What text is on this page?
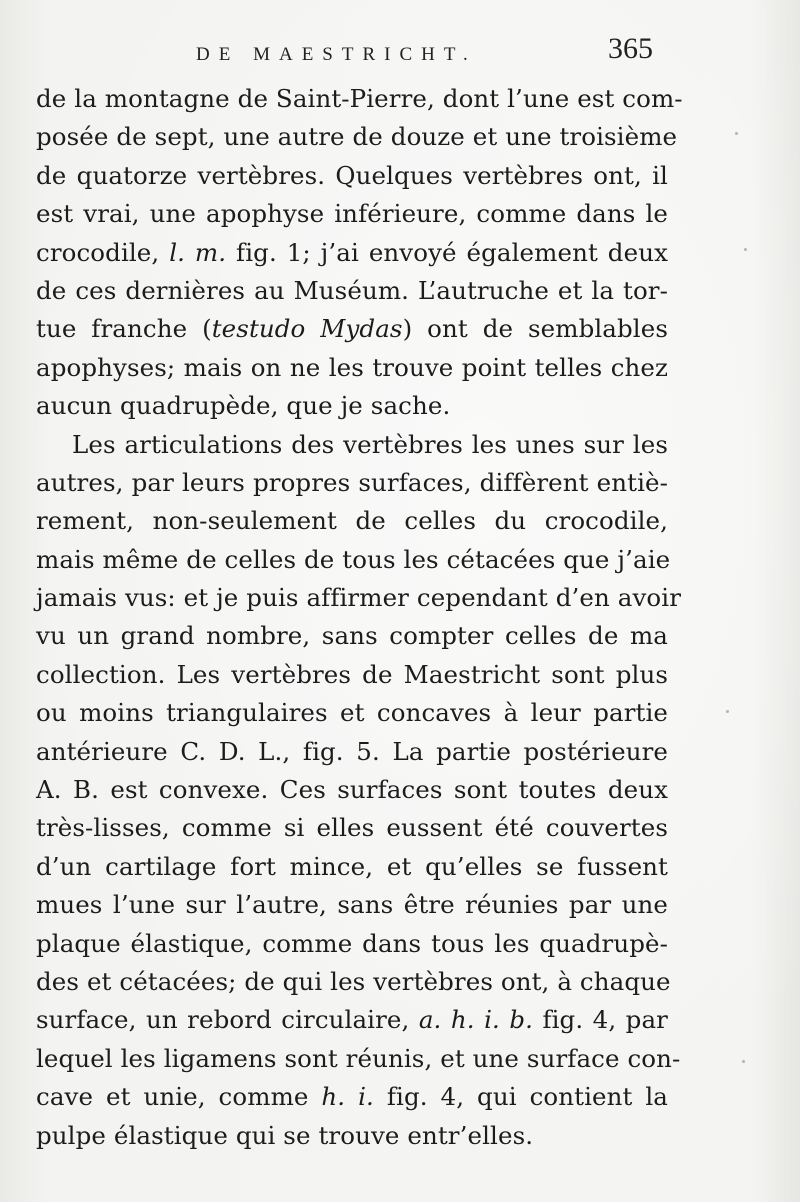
DE MAESTRICHT.	365
de la montagne de Saint-Pierre, dont l’une est com-
posée de sept, une autre de douze et une troisième
de quatorze vertèbres. Quelques vertèbres ont, il
est vrai, une apophyse inférieure, comme dans le
crocodile, l. m. fig. 1; j’ai envoyé également deux
de ces dernières au Muséum. L’autruche et la tor-
tue franche (testudo Mydas) ont de semblables
apophyses; mais on ne les trouve point telles chez
aucun quadrupède, que je sache.
Les articulations des vertèbres les unes sur les
autres, par leurs propres surfaces, diffèrent entiè-
rement, non-seulement de celles du crocodile,
mais même de celles de tous les cétacées que j’aie
jamais vus: et je puis affirmer cependant d’en avoir
vu un grand nombre, sans compter celles de ma
collection. Les vertèbres de Maestricht sont plus
ou moins triangulaires et concaves à leur partie
antérieure C. D. L., fig. 5. La partie postérieure
A. B. est convexe. Ces surfaces sont toutes deux
très-lisses, comme si elles eussent été couvertes
d’un cartilage fort mince, et qu’elles se fussent
mues l’une sur l’autre, sans être réunies par une
plaque élastique, comme dans tous les quadrupè-
des et cétacées; de qui les vertèbres ont, à chaque
surface, un rebord circulaire, a. h. i. b. fig. 4, par
lequel les ligamens sont réunis, et une surface con-
cave et unie, comme h. i. fig. 4, qui contient la
pulpe élastique qui se trouve entr’elles.
